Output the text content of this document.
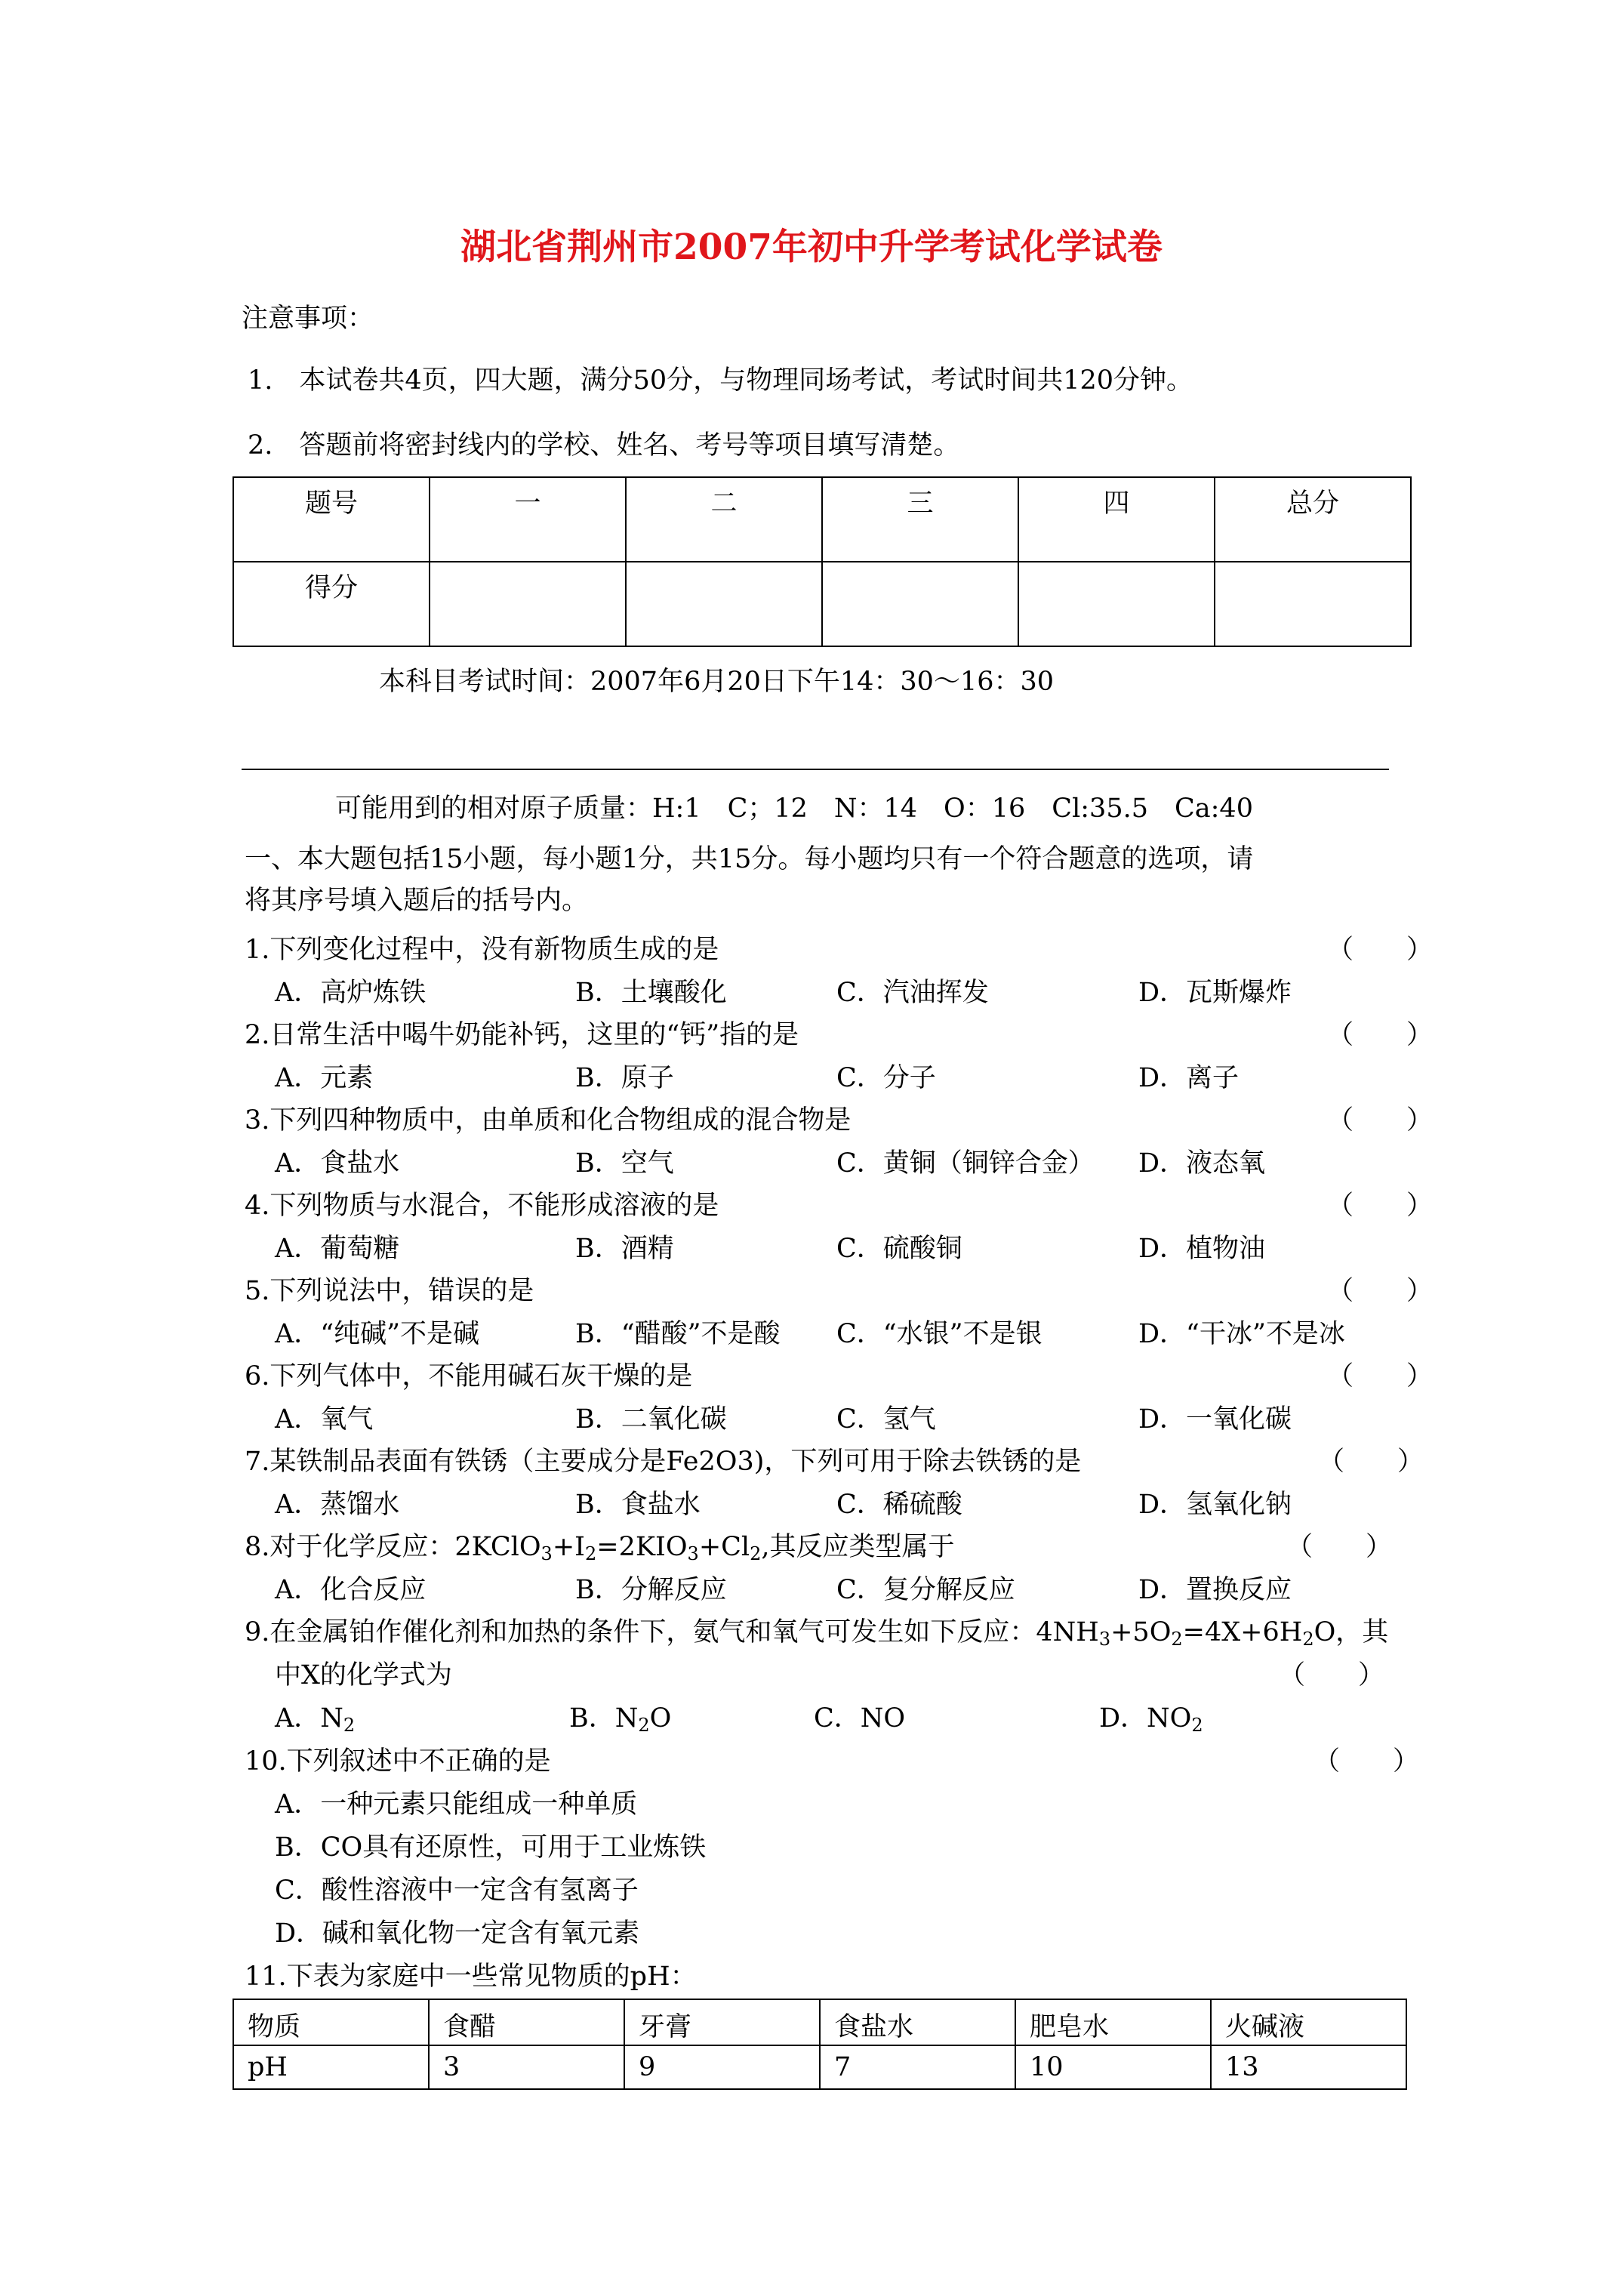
湖北省荆州市2007年初中升学考试化学试卷
注意事项：
1.　本试卷共4页，四大题，满分50分，与物理同场考试，考试时间共120分钟。
2.　答题前将密封线内的学校、姓名、考号等项目填写清楚。
题号	一	二	三	四	总分
得分					
本科目考试时间：2007年6月20日下午14：30～16：30
可能用到的相对原子质量：H:1　C；12　N：14　O：16　Cl:35.5　Ca:40
一、本大题包括15小题，每小题1分，共15分。每小题均只有一个符合题意的选项，请
将其序号填入题后的括号内。
1.下列变化过程中，没有新物质生成的是	（　　）
A．高炉炼铁	B．土壤酸化	C．汽油挥发	D．瓦斯爆炸
2.日常生活中喝牛奶能补钙，这里的“钙”指的是	（　　）
A．元素	B．原子	C．分子	D．离子
3.下列四种物质中，由单质和化合物组成的混合物是	（　　）
A．食盐水	B．空气	C．黄铜（铜锌合金） D．液态氧
4.下列物质与水混合，不能形成溶液的是	（　　）
A．葡萄糖	B．酒精	C．硫酸铜	D．植物油
5.下列说法中，错误的是	（　　）
A．“纯碱”不是碱	B．“醋酸”不是酸 C．“水银”不是银	D．“干冰”不是冰
6.下列气体中，不能用碱石灰干燥的是	（　　）
A．氧气	B．二氧化碳	C．氢气	D．一氧化碳
7.某铁制品表面有铁锈（主要成分是Fe2O3)，下列可用于除去铁锈的是	（　　）
A．蒸馏水	B．食盐水	C．稀硫酸	D．氢氧化钠
8.对于化学反应：$2KClO_3+I_2=2KIO_3+Cl_2$,其反应类型属于	（　　）
A．化合反应	B．分解反应	C．复分解反应	D．置换反应
9.在金属铂作催化剂和加热的条件下，氨气和氧气可发生如下反应：$4NH_3+5O_2=4X+6H_2O$，其
中X的化学式为	（　　）
A．$N_2$	B．$N_2O$	C．NO	D．$NO_2$
10.下列叙述中不正确的是	（　　）
A．一种元素只能组成一种单质
B．CO具有还原性，可用于工业炼铁
C．酸性溶液中一定含有氢离子
D．碱和氧化物一定含有氧元素
11.下表为家庭中一些常见物质的pH：
物质	食醋	牙膏	食盐水	肥皂水	火碱液
pH	3	9	7	10	13
